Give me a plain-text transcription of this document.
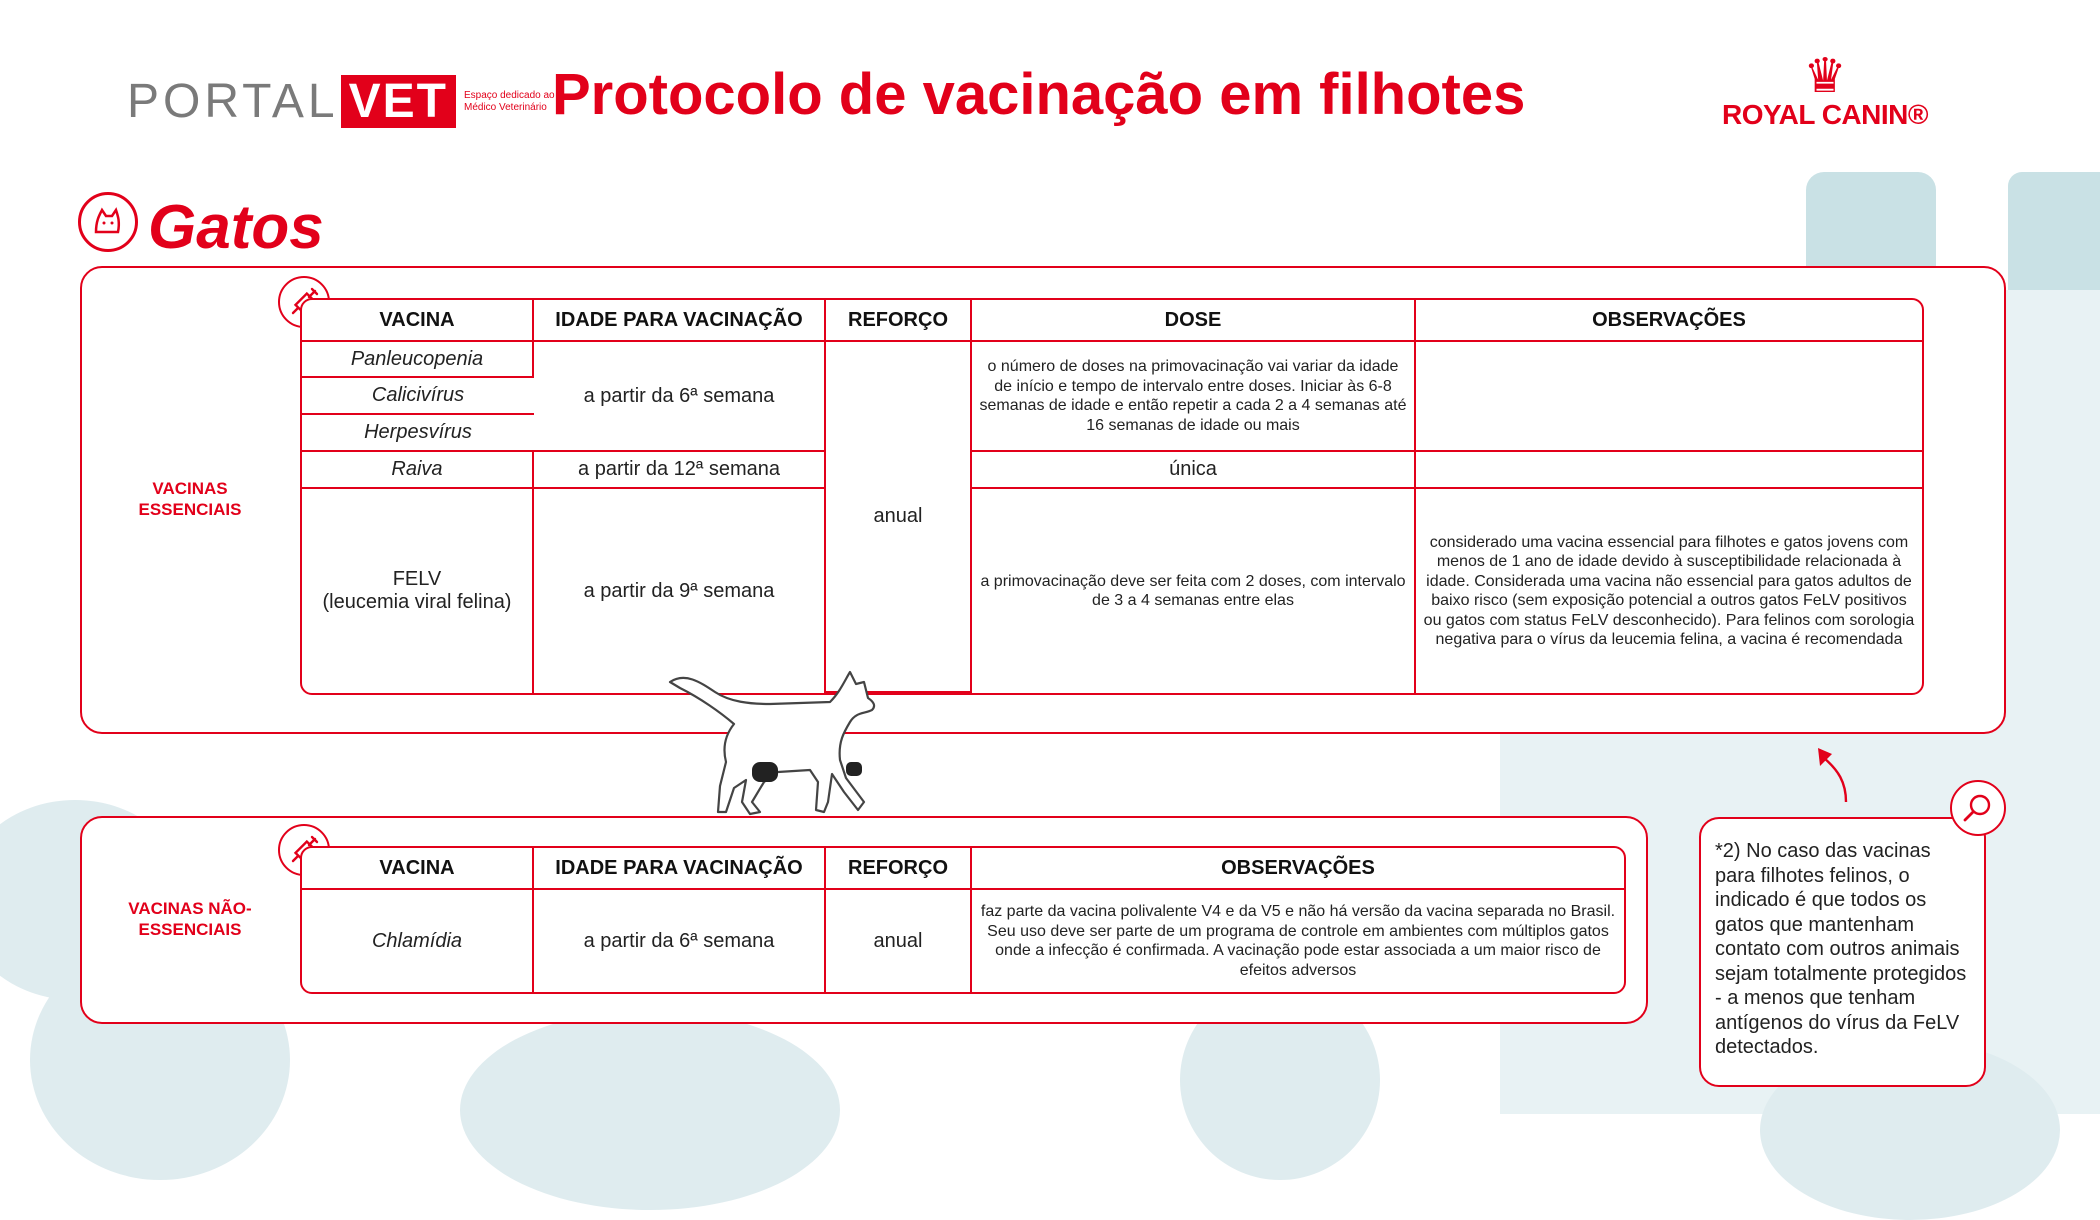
PORTAL VET	Espaço dedicado ao Médico Veterinário Protocolo de vacinação em filhotes	♛
ROYAL CANIN®
Gatos
VACINAS ESSENCIAIS
VACINA	IDADE PARA VACINAÇÃO	REFORÇO	DOSE	OBSERVAÇÕES
Panleucopenia	a partir da 6ª semana	anual	o número de doses na primovacinação vai variar da idade de início e tempo de intervalo entre doses. Iniciar às 6-8 semanas de idade e então repetir a cada 2 a 4 semanas até 16 semanas de idade ou mais	
Calicivírus				
Herpesvírus				
Raiva	a partir da 12ª semana		única	

FELV
(leucemia viral felina)	a partir da 9ª semana		a primovacinação deve ser feita com 2 doses, com intervalo de 3 a 4 semanas entre elas	considerado uma vacina essencial para filhotes e gatos jovens com menos de 1 ano de idade devido à susceptibilidade relacionada à idade. Considerada uma vacina não essencial para gatos adultos de baixo risco (sem exposição potencial a outros gatos FeLV positivos ou gatos com status FeLV desconhecido). Para felinos com sorologia negativa para o vírus da leucemia felina, a vacina é recomendada
VACINAS NÃO-ESSENCIAIS
VACINA	IDADE PARA VACINAÇÃO	REFORÇO	OBSERVAÇÕES
Chlamídia	a partir da 6ª semana	anual	faz parte da vacina polivalente V4 e da V5 e não há versão da vacina separada no Brasil. Seu uso deve ser parte de um programa de controle em ambientes com múltiplos gatos onde a infecção é confirmada. A vacinação pode estar associada a um maior risco de efeitos adversos
*2) No caso das vacinas para filhotes felinos, o indicado é que todos os gatos que mantenham contato com outros animais sejam totalmente protegidos - a menos que tenham antígenos do vírus da FeLV detectados.
